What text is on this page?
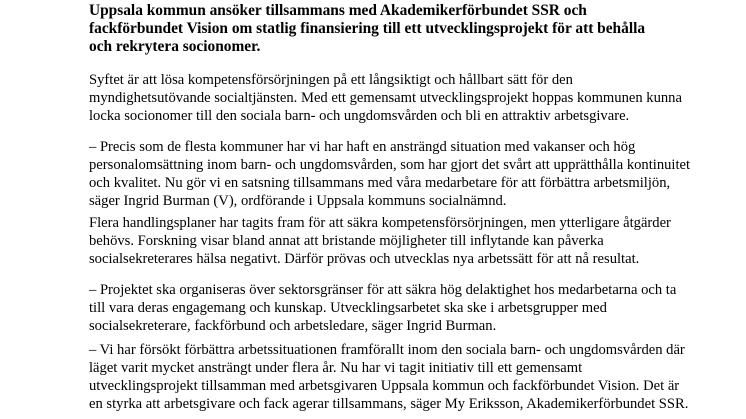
Uppsala kommun ansöker tillsammans med Akademikerförbundet SSR och
fackförbundet Vision om statlig finansiering till ett utvecklingsprojekt för att behålla
och rekrytera socionomer.
Syftet är att lösa kompetensförsörjningen på ett långsiktigt och hållbart sätt för den
myndighetsutövande socialtjänsten. Med ett gemensamt utvecklingsprojekt hoppas kommunen kunna
locka socionomer till den sociala barn- och ungdomsvården och bli en attraktiv arbetsgivare.
– Precis som de flesta kommuner har vi har haft en ansträngd situation med vakanser och hög
personalomsättning inom barn- och ungdomsvården, som har gjort det svårt att upprätthålla kontinuitet
och kvalitet. Nu gör vi en satsning tillsammans med våra medarbetare för att förbättra arbetsmiljön,
säger Ingrid Burman (V), ordförande i Uppsala kommuns socialnämnd.
Flera handlingsplaner har tagits fram för att säkra kompetensförsörjningen, men ytterligare åtgärder
behövs. Forskning visar bland annat att bristande möjligheter till inflytande kan påverka
socialsekreterares hälsa negativt. Därför prövas och utvecklas nya arbetssätt för att nå resultat.
– Projektet ska organiseras över sektorsgränser för att säkra hög delaktighet hos medarbetarna och ta
till vara deras engagemang och kunskap. Utvecklingsarbetet ska ske i arbetsgrupper med
socialsekreterare, fackförbund och arbetsledare, säger Ingrid Burman.
– Vi har försökt förbättra arbetssituationen framförallt inom den sociala barn- och ungdomsvården där
läget varit mycket ansträngt under flera år. Nu har vi tagit initiativ till ett gemensamt
utvecklingsprojekt tillsamman med arbetsgivaren Uppsala kommun och fackförbundet Vision. Det är
en styrka att arbetsgivare och fack agerar tillsammans, säger My Eriksson, Akademikerförbundet SSR.
